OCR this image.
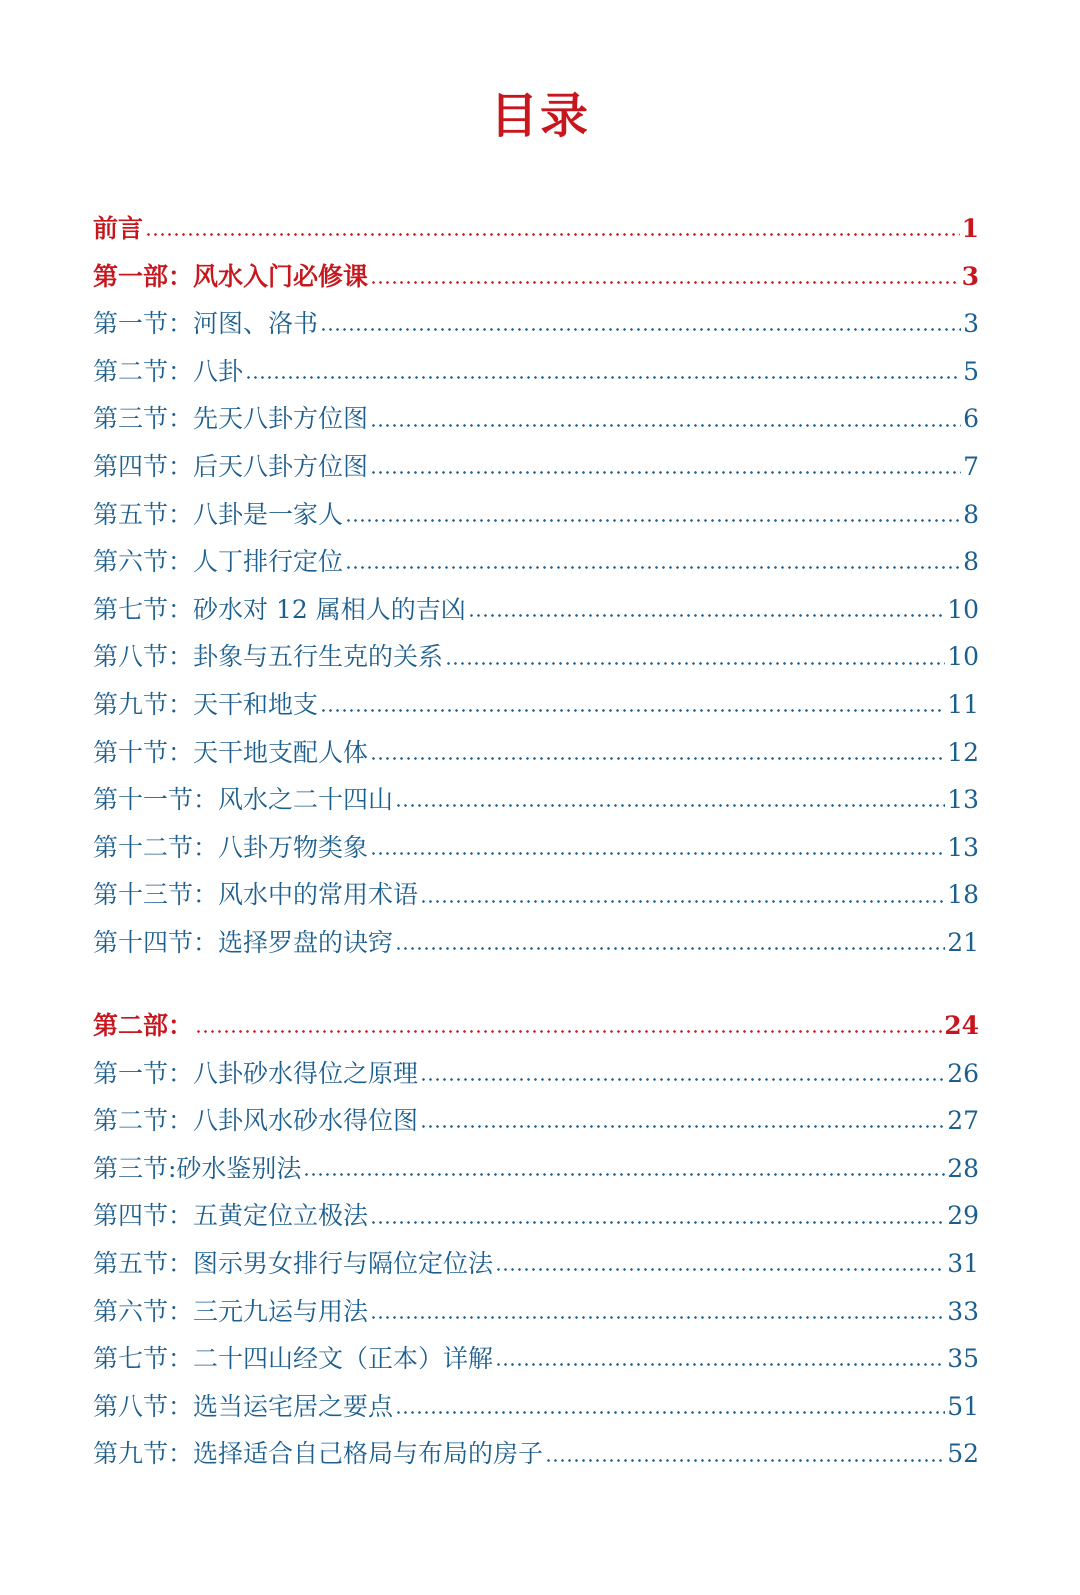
目录
前言	1
第一部：风水入门必修课	3
第一节：河图、洛书	3
第二节：八卦	5
第三节：先天八卦方位图	6
第四节：后天八卦方位图	7
第五节：八卦是一家人	8
第六节：人丁排行定位	8
第七节：砂水对 12 属相人的吉凶	10
第八节：卦象与五行生克的关系	10
第九节：天干和地支	11
第十节：天干地支配人体	12
第十一节：风水之二十四山	13
第十二节：八卦万物类象	13
第十三节：风水中的常用术语	18
第十四节：选择罗盘的诀窍	21
第二部：	24
第一节：八卦砂水得位之原理	26
第二节：八卦风水砂水得位图	27
第三节:砂水鉴别法	28
第四节：五黄定位立极法	29
第五节：图示男女排行与隔位定位法	31
第六节：三元九运与用法	33
第七节：二十四山经文（正本）详解	35
第八节：选当运宅居之要点	51
第九节：选择适合自己格局与布局的房子	52
